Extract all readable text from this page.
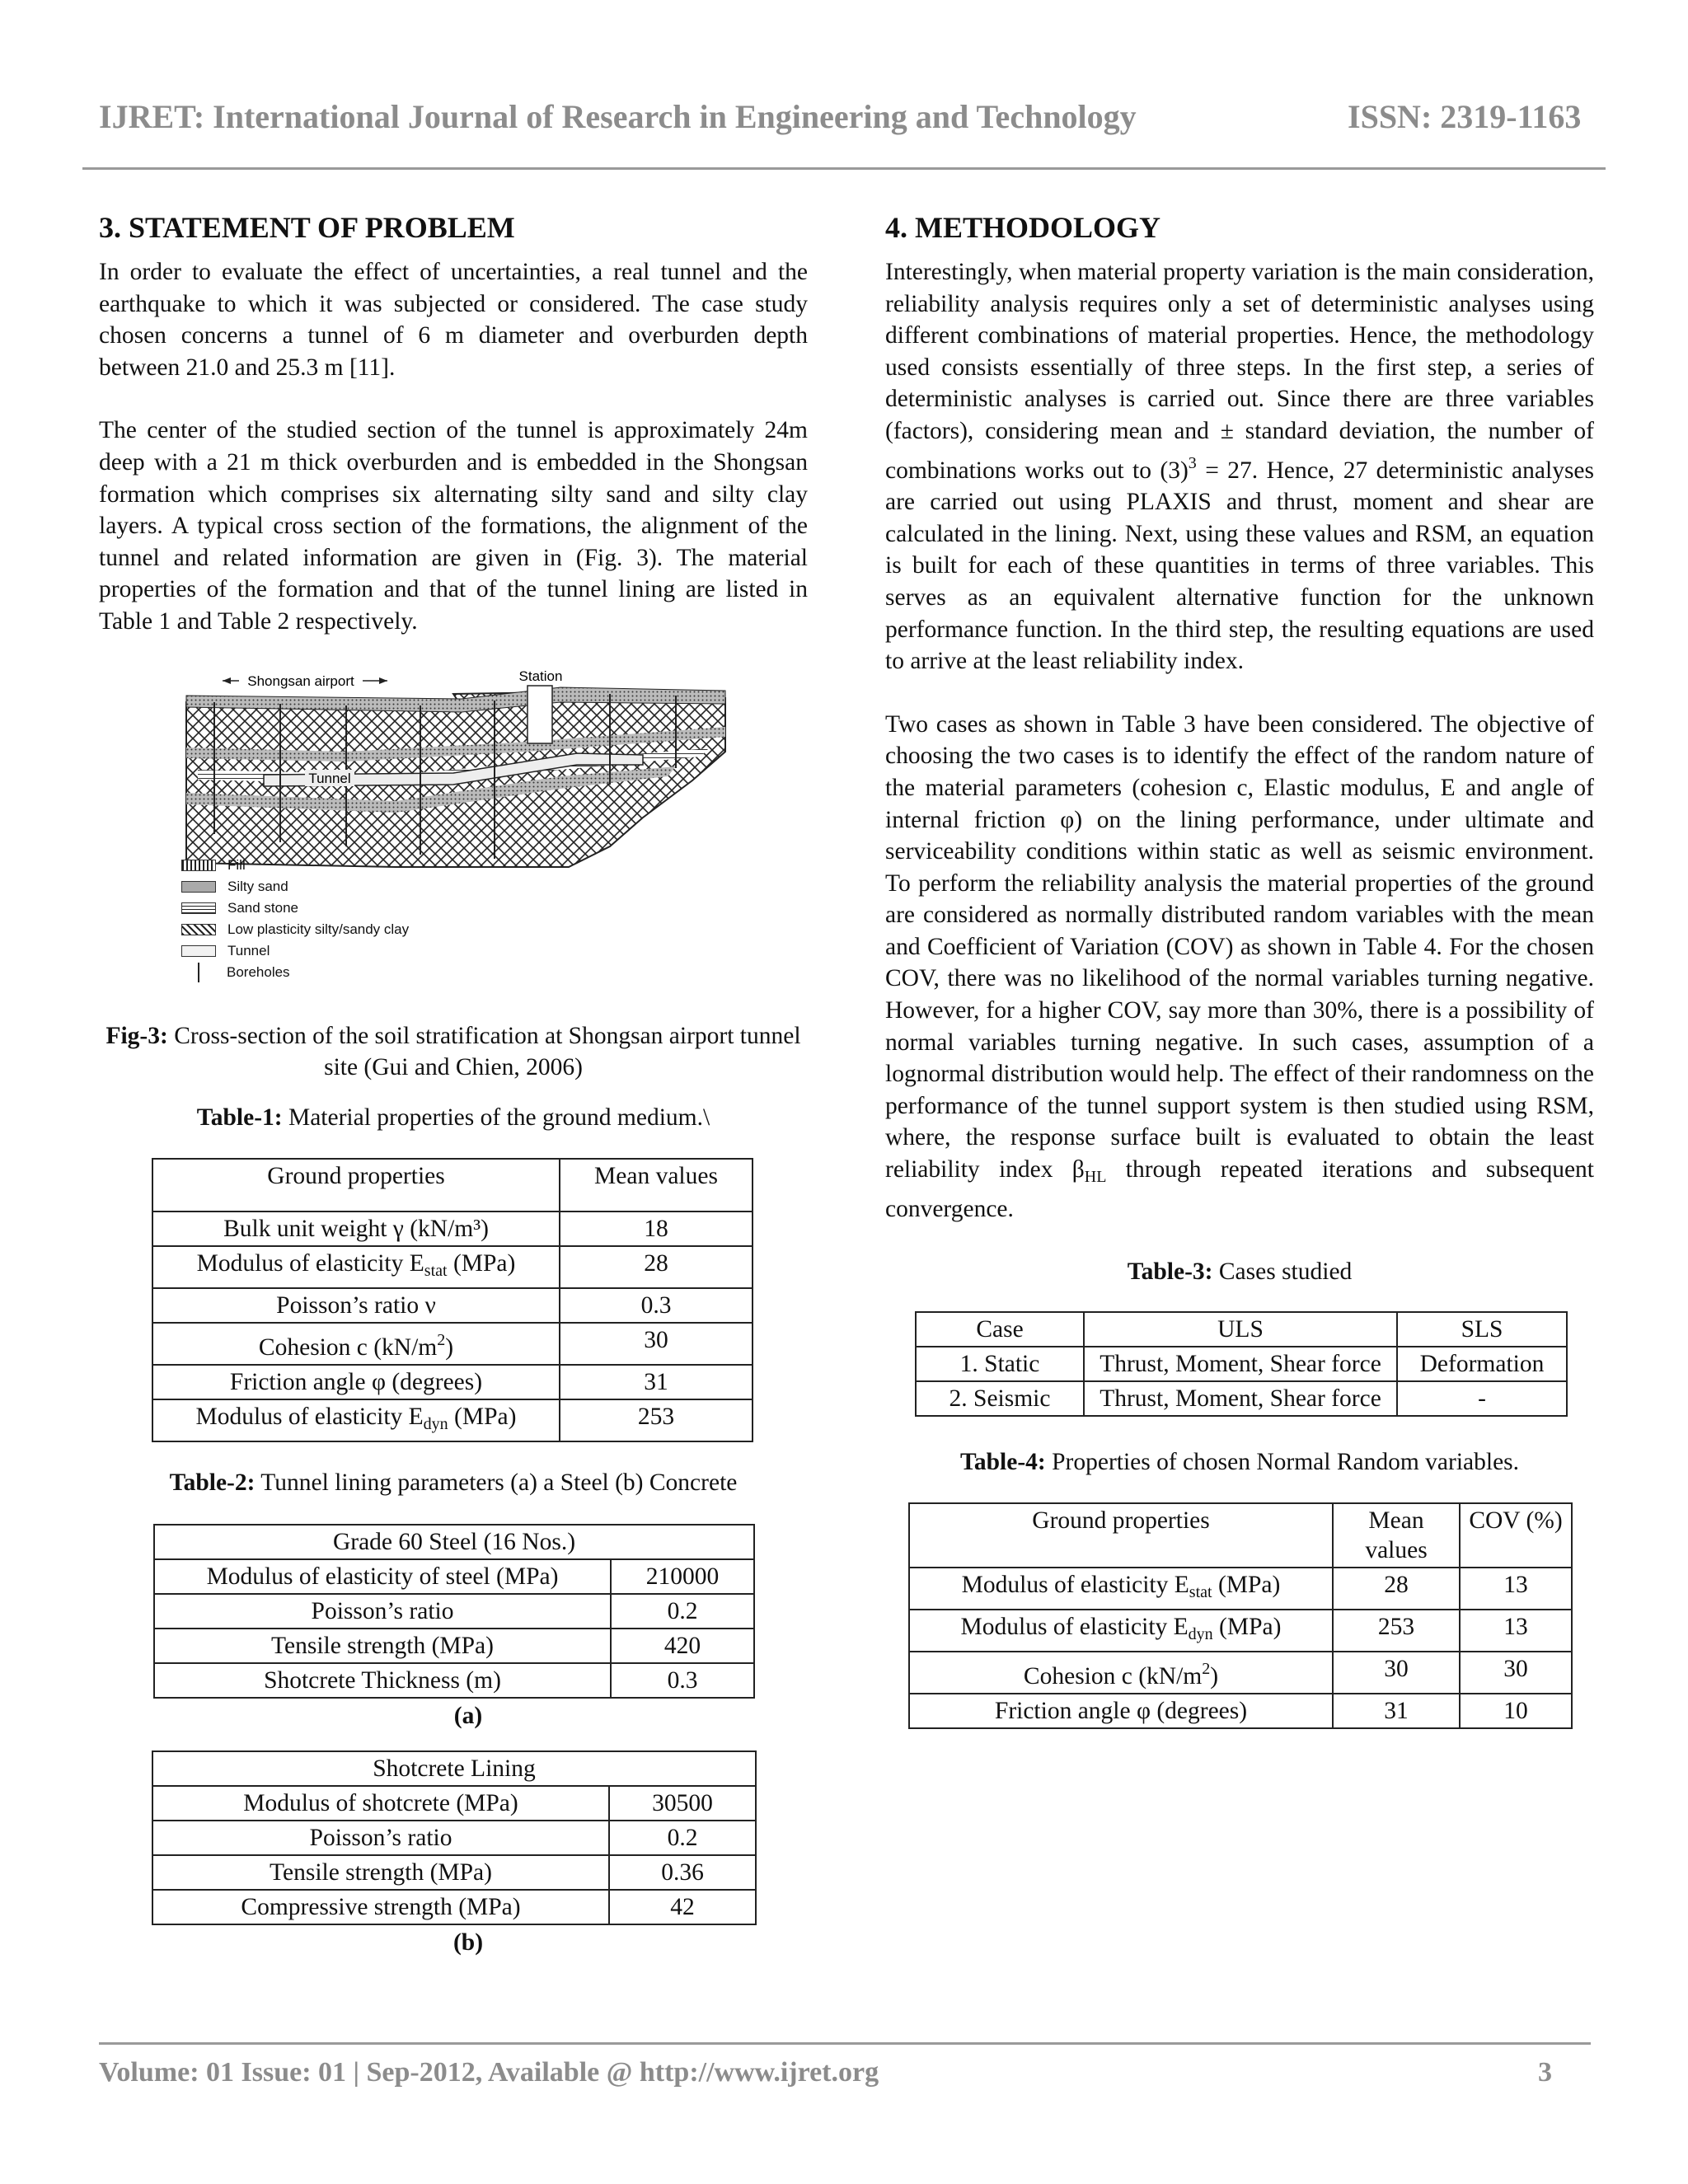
IJRET: International Journal of Research in Engineering and Technology	ISSN: 2319-1163
3. STATEMENT OF PROBLEM

In order to evaluate the effect of uncertainties, a real tunnel and the earthquake to which it was subjected or considered. The case study chosen concerns a tunnel of 6 m diameter and overburden depth between 21.0 and 25.3 m [11].

The center of the studied section of the tunnel is approximately 24m deep with a 21 m thick overburden and is embedded in the Shongsan formation which comprises six alternating silty sand and silty clay layers. A typical cross section of the formations, the alignment of the tunnel and related information are given in (Fig. 3). The material properties of the formation and that of the tunnel lining are listed in Table 1 and Table 2 respectively.

Shongsan airport	Station
Tunnel
Fill
Silty sand
Sand stone
Low plasticity silty/sandy clay
Tunnel
Boreholes
Fig-3: Cross-section of the soil stratification at Shongsan airport tunnel site (Gui and Chien, 2006)
Table-1: Material properties of the ground medium.\
Ground properties	Mean values
Bulk unit weight γ (kN/m³)	18
Modulus of elasticity $E_{stat}$ (MPa)	28
Poisson’s ratio ν	0.3
Cohesion c $(kN/m^2)$	30
Friction angle φ (degrees)	31
Modulus of elasticity $E_{dyn}$ (MPa)	253
Table-2: Tunnel lining parameters (a) a Steel (b) Concrete
Grade 60 Steel (16 Nos.)	
Modulus of elasticity of steel (MPa)	210000
Poisson’s ratio	0.2
Tensile strength (MPa)	420
Shotcrete Thickness (m)	0.3
(a)
Shotcrete Lining	
Modulus of shotcrete (MPa)	30500
Poisson’s ratio	0.2
Tensile strength (MPa)	0.36
Compressive strength (MPa)	42
(b)
4. METHODOLOGY

Interestingly, when material property variation is the main consideration, reliability analysis requires only a set of deterministic analyses using different combinations of material properties. Hence, the methodology used consists essentially of three steps. In the first step, a series of deterministic analyses is carried out. Since there are three variables (factors), considering mean and ± standard deviation, the number of combinations works out to $(3)^3 = 27$. Hence, 27 deterministic analyses are carried out using PLAXIS and thrust, moment and shear are calculated in the lining. Next, using these values and RSM, an equation is built for each of these quantities in terms of three variables. This serves as an equivalent alternative function for the unknown performance function. In the third step, the resulting equations are used to arrive at the least reliability index.

Two cases as shown in Table 3 have been considered. The objective of choosing the two cases is to identify the effect of the random nature of the material parameters (cohesion c, Elastic modulus, E and angle of internal friction φ) on the lining performance, under ultimate and serviceability conditions within static as well as seismic environment. To perform the reliability analysis the material properties of the ground are considered as normally distributed random variables with the mean and Coefficient of Variation (COV) as shown in Table 4. For the chosen COV, there was no likelihood of the normal variables turning negative. However, for a higher COV, say more than 30%, there is a possibility of normal variables turning negative. In such cases, assumption of a lognormal distribution would help. The effect of their randomness on the performance of the tunnel support system is then studied using RSM, where, the response surface built is evaluated to obtain the least reliability index $\beta_{HL}$ through repeated iterations and subsequent convergence.

Table-3: Cases studied
Case	ULS	SLS
1. Static	Thrust, Moment, Shear force	Deformation
2. Seismic	Thrust, Moment, Shear force	-
Table-4: Properties of chosen Normal Random variables.
Ground properties	Mean values	COV (%)
Modulus of elasticity $E_{stat}$ (MPa)	28	13
Modulus of elasticity $E_{dyn}$ (MPa)	253	13
Cohesion c $(kN/m^2)$	30	30
Friction angle φ (degrees)	31	10
Volume: 01 Issue: 01 | Sep-2012, Available @ http://www.ijret.org	3
